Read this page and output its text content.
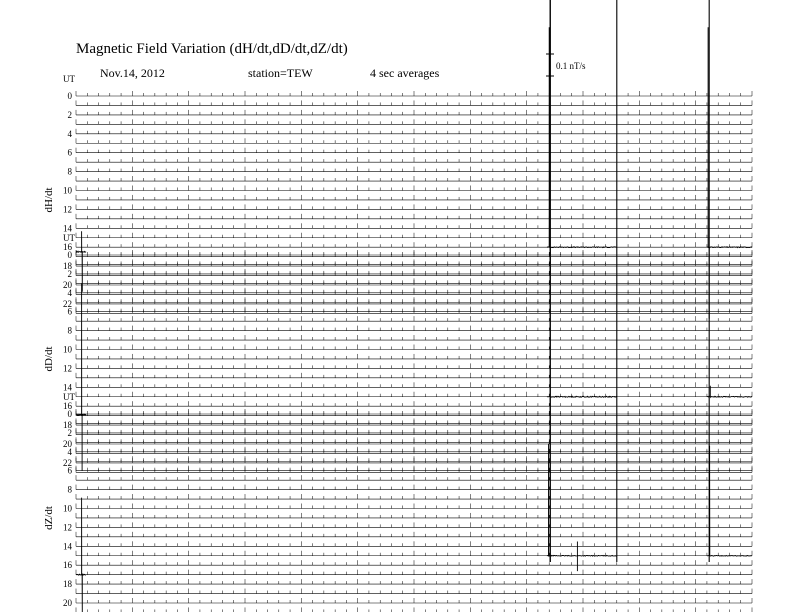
Magnetic Field Variation (dH/dt,dD/dt,dZ/dt)
Nov.14, 2012	station=TEW	4 sec averages	0.1 nT/s
UT
dH/dt
0
2
4
6
8
10
12
14
16
18
20
22
UT
dD/dt
0
2
4
6
8
10
12
14
16
18
20
22
UT
dZ/dt
0
2
4
6
8
10
12
14
16
18
20
